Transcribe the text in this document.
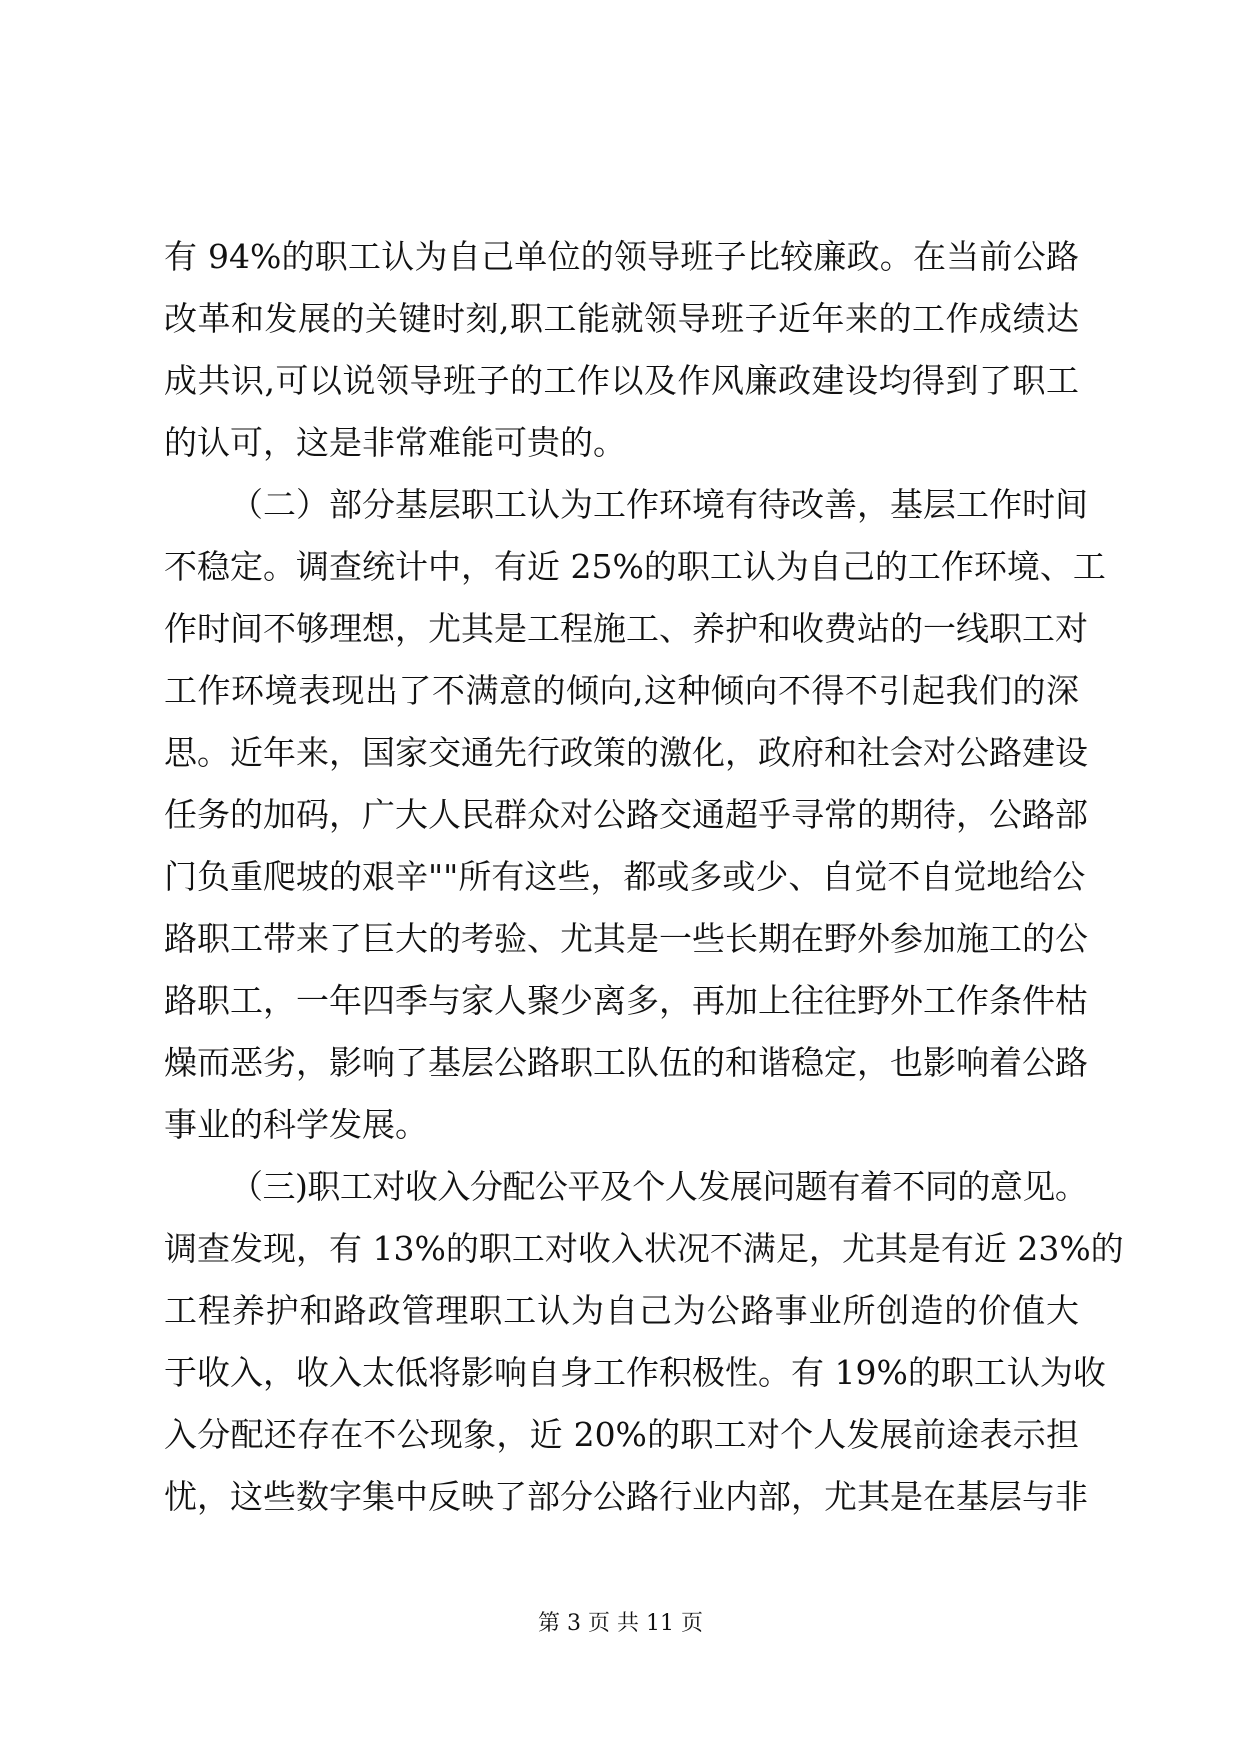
有 94%的职工认为自己单位的领导班子比较廉政。在当前公路
改革和发展的关键时刻,职工能就领导班子近年来的工作成绩达
成共识,可以说领导班子的工作以及作风廉政建设均得到了职工
的认可，这是非常难能可贵的。
（二）部分基层职工认为工作环境有待改善，基层工作时间
不稳定。调查统计中，有近 25%的职工认为自己的工作环境、工
作时间不够理想，尤其是工程施工、养护和收费站的一线职工对
工作环境表现出了不满意的倾向,这种倾向不得不引起我们的深
思。近年来，国家交通先行政策的激化，政府和社会对公路建设
任务的加码，广大人民群众对公路交通超乎寻常的期待，公路部
门负重爬坡的艰辛""所有这些，都或多或少、自觉不自觉地给公
路职工带来了巨大的考验、尤其是一些长期在野外参加施工的公
路职工，一年四季与家人聚少离多，再加上往往野外工作条件枯
燥而恶劣，影响了基层公路职工队伍的和谐稳定，也影响着公路
事业的科学发展。
（三)职工对收入分配公平及个人发展问题有着不同的意见。
调查发现，有 13%的职工对收入状况不满足，尤其是有近 23%的
工程养护和路政管理职工认为自己为公路事业所创造的价值大
于收入，收入太低将影响自身工作积极性。有 19%的职工认为收
入分配还存在不公现象，近 20%的职工对个人发展前途表示担
忧，这些数字集中反映了部分公路行业内部，尤其是在基层与非
第 3 页 共 11 页
